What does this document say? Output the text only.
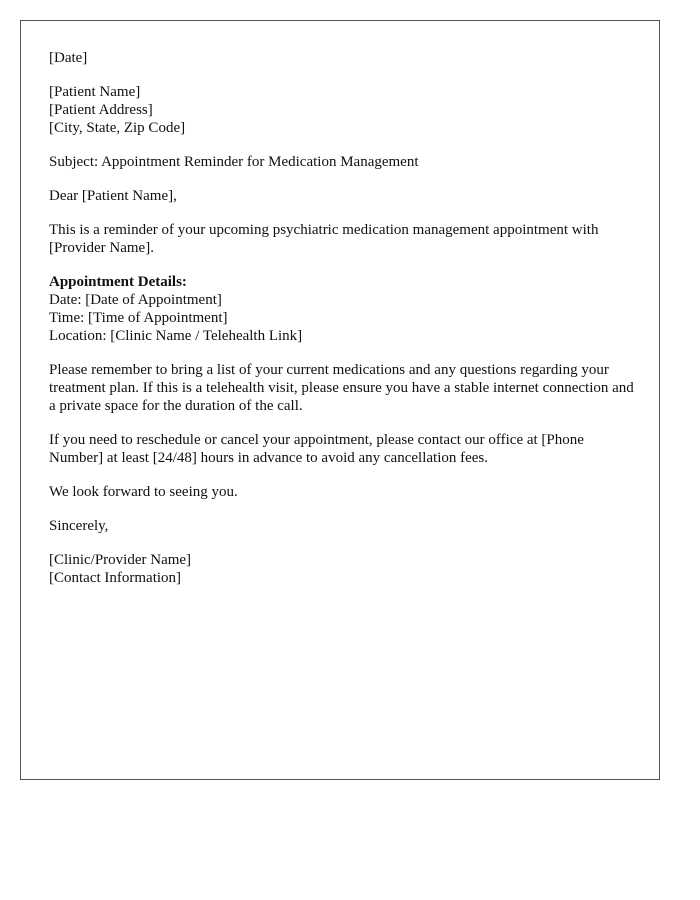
[Date]
[Patient Name]
[Patient Address]
[City, State, Zip Code]
Subject: Appointment Reminder for Medication Management
Dear [Patient Name],

This is a reminder of your upcoming psychiatric medication management appointment with [Provider Name].

Appointment Details:
Date: [Date of Appointment]
Time: [Time of Appointment]
Location: [Clinic Name / Telehealth Link]

Please remember to bring a list of your current medications and any questions regarding your treatment plan. If this is a telehealth visit, please ensure you have a stable internet connection and a private space for the duration of the call.

If you need to reschedule or cancel your appointment, please contact our office at [Phone Number] at least [24/48] hours in advance to avoid any cancellation fees.

We look forward to seeing you.
Sincerely,
[Clinic/Provider Name]
[Contact Information]
